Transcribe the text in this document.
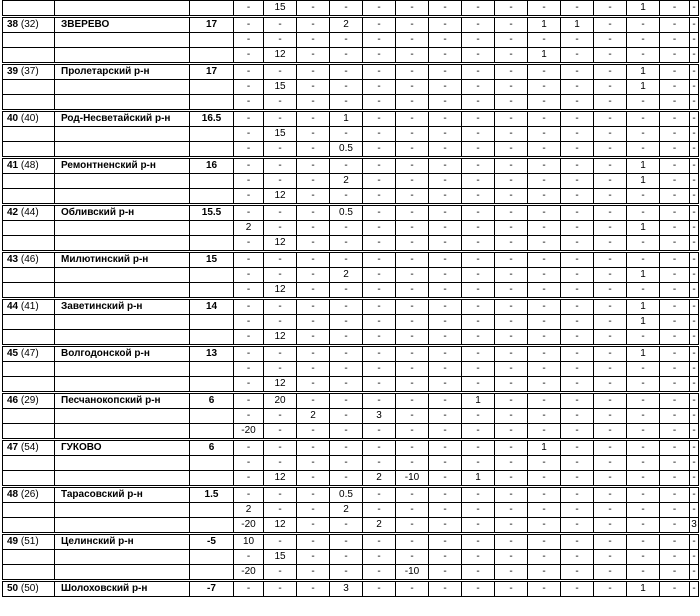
			-	15	-	-	-	-	-	-	-	-	-	-	1	-	-
38 (32)	ЗВЕРЕВО	17	-	-	-	2	-	-	-	-	-	1	1	-	-	-	-
			-	-	-	-	-	-	-	-	-	-	-	-	-	-	-
			-	12	-	-	-	-	-	-	-	1	-	-	-	-	-
39 (37)	Пролетарский р-н	17	-	-	-	-	-	-	-	-	-	-	-	-	1	-	-
			-	15	-	-	-	-	-	-	-	-	-	-	1	-	-
			-	-	-	-	-	-	-	-	-	-	-	-	-	-	-
40 (40)	Род-Несветайский р-н	16.5	-	-	-	1	-	-	-	-	-	-	-	-	-	-	-
			-	15	-	-	-	-	-	-	-	-	-	-	-	-	-
			-	-	-	0.5	-	-	-	-	-	-	-	-	-	-	-
41 (48)	Ремонтненский р-н	16	-	-	-	-	-	-	-	-	-	-	-	-	1	-	-
			-	-	-	2	-	-	-	-	-	-	-	-	1	-	-
			-	12	-	-	-	-	-	-	-	-	-	-	-	-	-
42 (44)	Обливский р-н	15.5	-	-	-	0.5	-	-	-	-	-	-	-	-	-	-	-
			2	-	-	-	-	-	-	-	-	-	-	-	1	-	-
			-	12	-	-	-	-	-	-	-	-	-	-	-	-	-
43 (46)	Милютинский р-н	15	-	-	-	-	-	-	-	-	-	-	-	-	-	-	-
			-	-	-	2	-	-	-	-	-	-	-	-	1	-	-
			-	12	-	-	-	-	-	-	-	-	-	-	-	-	-
44 (41)	Заветинский р-н	14	-	-	-	-	-	-	-	-	-	-	-	-	1	-	-
			-	-	-	-	-	-	-	-	-	-	-	-	1	-	-
			-	12	-	-	-	-	-	-	-	-	-	-	-	-	-
45 (47)	Волгодонской р-н	13	-	-	-	-	-	-	-	-	-	-	-	-	1	-	-
			-	-	-	-	-	-	-	-	-	-	-	-	-	-	-
			-	12	-	-	-	-	-	-	-	-	-	-	-	-	-
46 (29)	Песчанокопский р-н	6	-	20	-	-	-	-	-	1	-	-	-	-	-	-	-
			-	-	2	-	3	-	-	-	-	-	-	-	-	-	-
			-20	-	-	-	-	-	-	-	-	-	-	-	-	-	-
47 (54)	ГУКОВО	6	-	-	-	-	-	-	-	-	-	1	-	-	-	-	-
			-	-	-	-	-	-	-	-	-	-	-	-	-	-	-
			-	12	-	-	2	-10	-	1	-	-	-	-	-	-	-
48 (26)	Тарасовский р-н	1.5	-	-	-	0.5	-	-	-	-	-	-	-	-	-	-	-
			2	-	-	2	-	-	-	-	-	-	-	-	-	-	-
			-20	12	-	-	2	-	-	-	-	-	-	-	-	-	3
49 (51)	Целинский р-н	-5	10	-	-	-	-	-	-	-	-	-	-	-	-	-	-
			-	15	-	-	-	-	-	-	-	-	-	-	-	-	-
			-20	-	-	-	-	-10	-	-	-	-	-	-	-	-	-
50 (50)	Шолоховский р-н	-7	-	-	-	3	-	-	-	-	-	-	-	-	1	-	-
